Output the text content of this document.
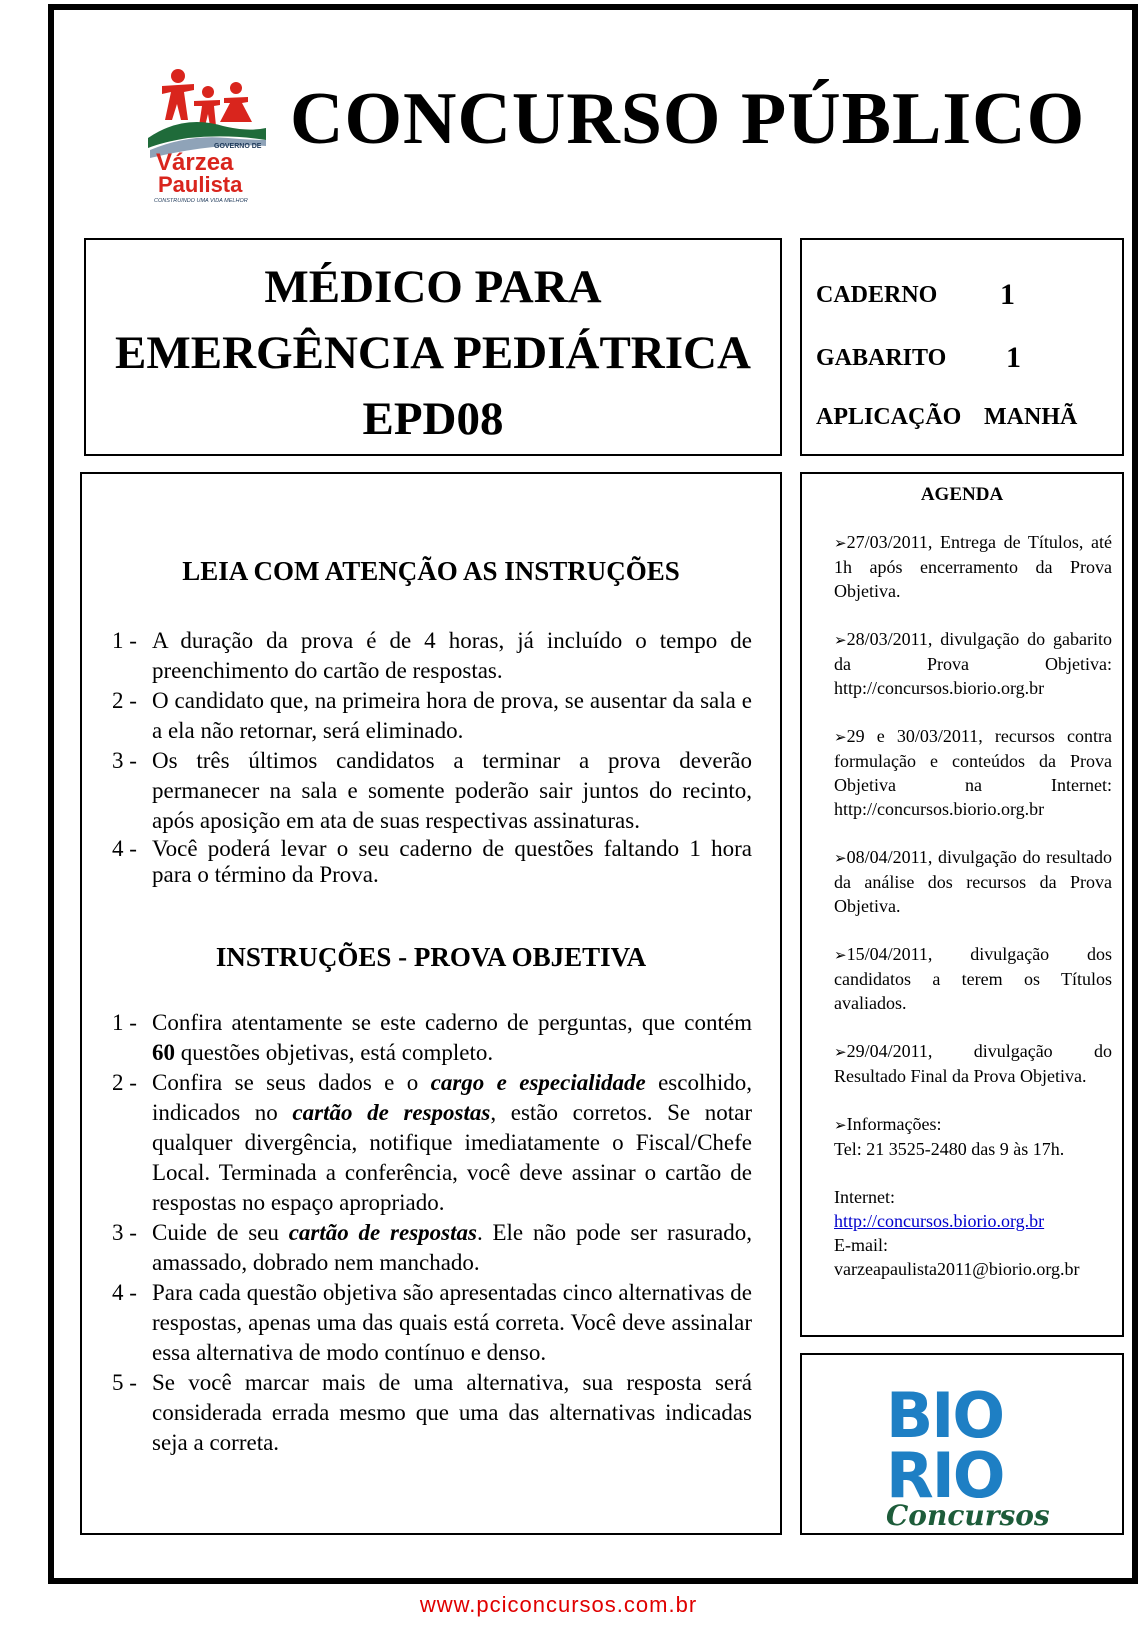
GOVERNO DE
Várzea
Paulista
CONSTRUINDO UMA VIDA MELHOR
CONCURSO PÚBLICO
MÉDICO PARA
EMERGÊNCIA PEDIÁTRICA
EPD08
CADERNO 1
GABARITO 1
APLICAÇÃO MANHÃ
LEIA COM ATENÇÃO AS INSTRUÇÕES
1 - A duração da prova é de 4 horas, já incluído o tempo de preenchimento do cartão de respostas.
2 - O candidato que, na primeira hora de prova, se ausentar da sala e a ela não retornar, será eliminado.
3 - Os três últimos candidatos a terminar a prova deverão permanecer na sala e somente poderão sair juntos do recinto, após aposição em ata de suas respectivas assinaturas.
4 - Você poderá levar o seu caderno de questões faltando 1 hora para o término da Prova.
INSTRUÇÕES - PROVA OBJETIVA
1 - Confira atentamente se este caderno de perguntas, que contém 60 questões objetivas, está completo.
2 - Confira se seus dados e o cargo e especialidade escolhido, indicados no cartão de respostas, estão corretos. Se notar qualquer divergência, notifique imediatamente o Fiscal/Chefe Local. Terminada a conferência, você deve assinar o cartão de respostas no espaço apropriado.
3 - Cuide de seu cartão de respostas. Ele não pode ser rasurado, amassado, dobrado nem manchado.
4 - Para cada questão objetiva são apresentadas cinco alternativas de respostas, apenas uma das quais está correta. Você deve assinalar essa alternativa de modo contínuo e denso.
5 - Se você marcar mais de uma alternativa, sua resposta será considerada errada mesmo que uma das alternativas indicadas seja a correta.
AGENDA
➢27/03/2011, Entrega de Títulos, até 1h após encerramento da Prova Objetiva.
➢28/03/2011, divulgação do gabarito da Prova Objetiva: http://concursos.biorio.org.br
➢29 e 30/03/2011, recursos contra formulação e conteúdos da Prova Objetiva na Internet: http://concursos.biorio.org.br
➢08/04/2011, divulgação do resultado da análise dos recursos da Prova Objetiva.
➢15/04/2011, divulgação dos candidatos a terem os Títulos avaliados.
➢29/04/2011, divulgação do Resultado Final da Prova Objetiva.
➢Informações:
Tel: 21 3525-2480 das 9 às 17h.
Internet:
http://concursos.biorio.org.br
E-mail:
varzeapaulista2011@biorio.org.br
BIO
RIO
Concursos
www.pciconcursos.com.br
